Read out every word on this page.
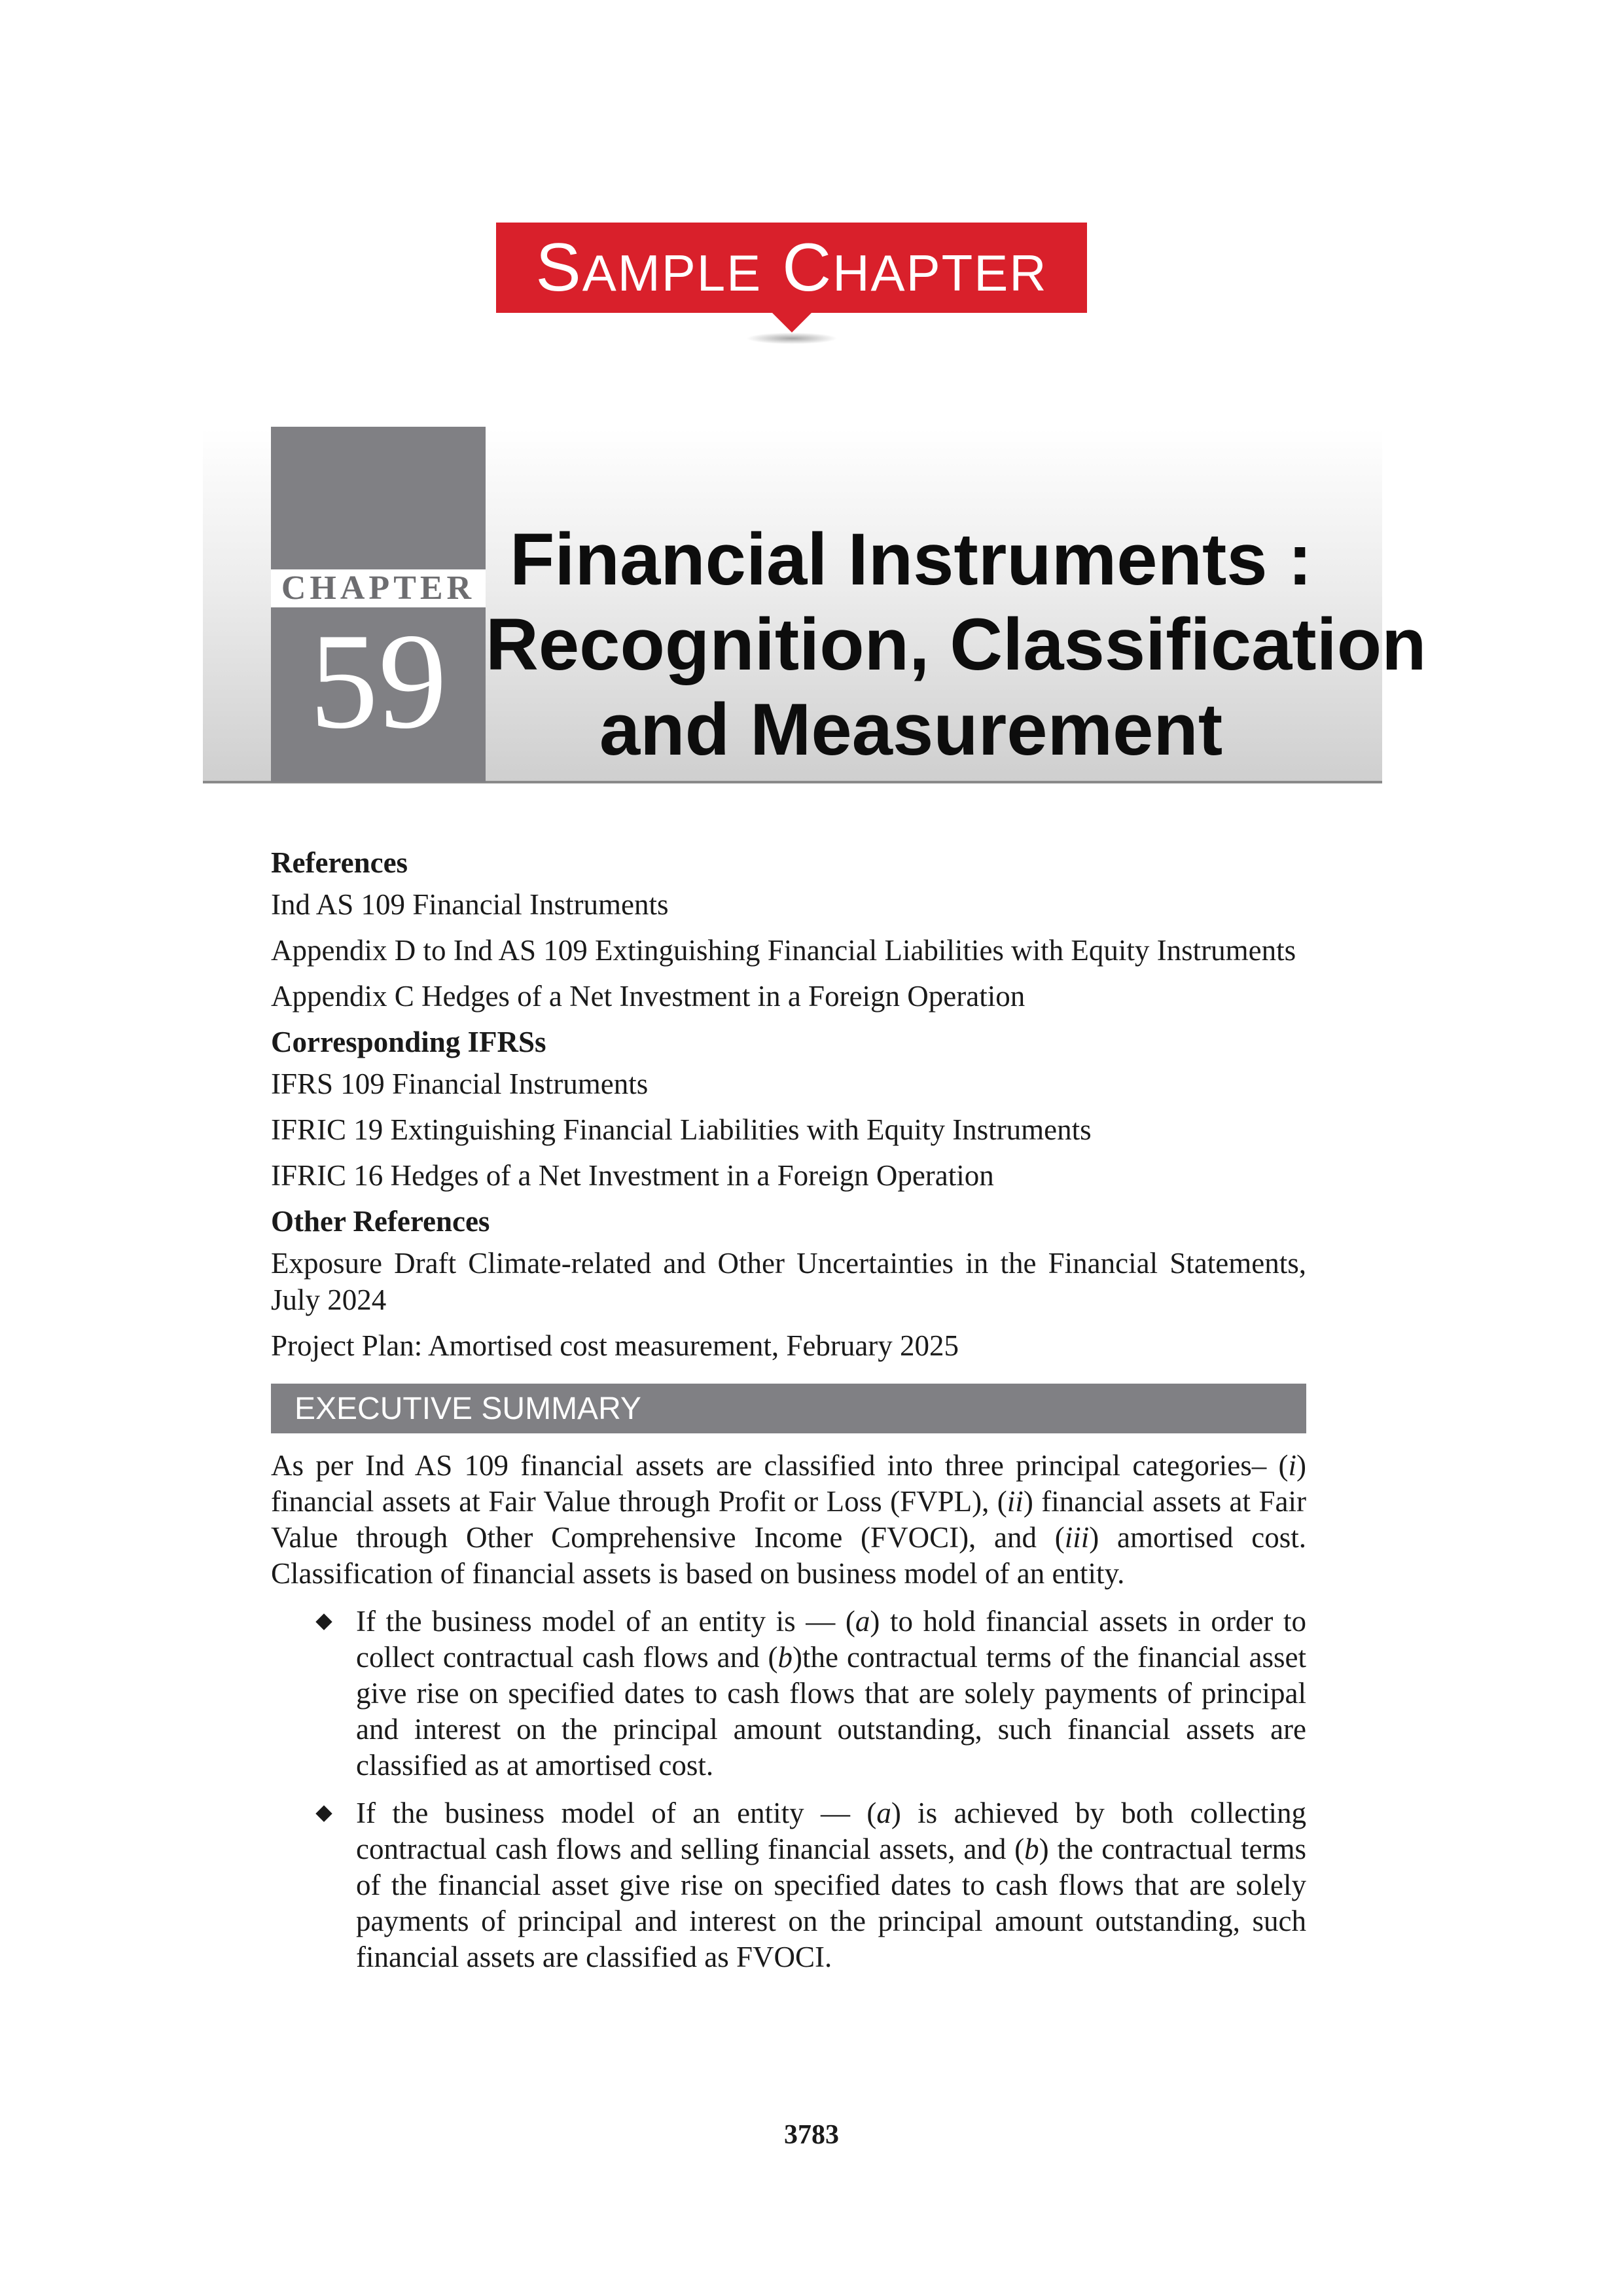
SAMPLE CHAPTER
CHAPTER
59
Financial Instruments :
Recognition, Classification
and Measurement

References

Ind AS 109 Financial Instruments

Appendix D to Ind AS 109 Extinguishing Financial Liabilities with Equity Instruments

Appendix C Hedges of a Net Investment in a Foreign Operation

Corresponding IFRSs

IFRS 109 Financial Instruments

IFRIC 19 Extinguishing Financial Liabilities with Equity Instruments

IFRIC 16 Hedges of a Net Investment in a Foreign Operation

Other References

Exposure Draft Climate-related and Other Uncertainties in the Financial Statements, July 2024

Project Plan: Amortised cost measurement, February 2025

EXECUTIVE SUMMARY

As per Ind AS 109 financial assets are classified into three principal categories– (i) financial assets at Fair Value through Profit or Loss (FVPL), (ii) financial assets at Fair Value through Other Comprehensive Income (FVOCI), and (iii) amortised cost. Classification of financial assets is based on business model of an entity.

If the business model of an entity is — (a) to hold financial assets in order to collect contractual cash flows and (b)the contractual terms of the financial asset give rise on specified dates to cash flows that are solely payments of principal and interest on the principal amount outstanding, such financial assets are classified as at amortised cost.
If the business model of an entity — (a) is achieved by both collecting contractual cash flows and selling financial assets, and (b) the contractual terms of the financial asset give rise on specified dates to cash flows that are solely payments of principal and interest on the principal amount outstanding, such financial assets are classified as FVOCI.
3783
